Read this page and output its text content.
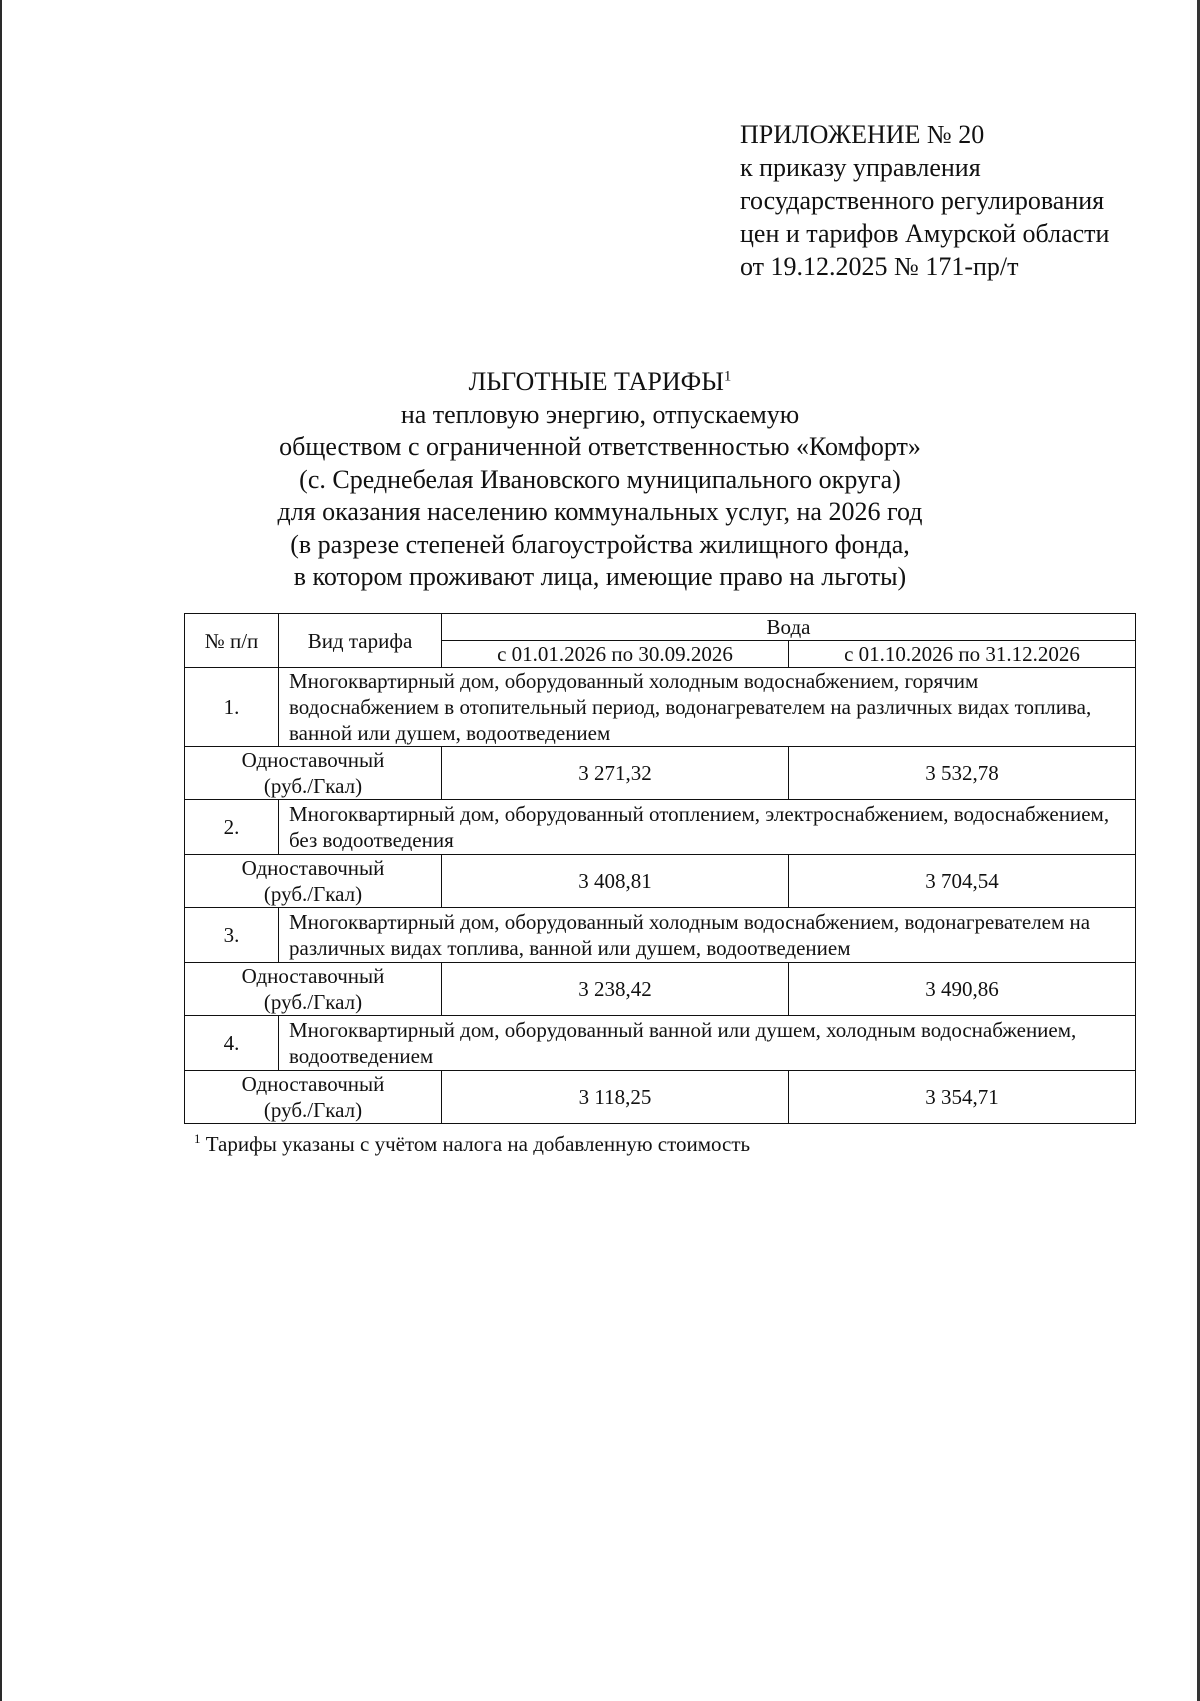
ПРИЛОЖЕНИЕ № 20
к приказу управления
государственного регулирования
цен и тарифов Амурской области
от 19.12.2025 № 171-пр/т
ЛЬГОТНЫЕ ТАРИФЫ$^1$
на тепловую энергию, отпускаемую
обществом с ограниченной ответственностью «Комфорт»
(с. Среднебелая Ивановского муниципального округа)
для оказания населению коммунальных услуг, на 2026 год
(в разрезе степеней благоустройства жилищного фонда,
в котором проживают лица, имеющие право на льготы)
№ п/п	Вид тарифа	Вода	
		с 01.01.2026 по 30.09.2026	с 01.10.2026 по 31.12.2026
1.	Многоквартирный дом, оборудованный холодным водоснабжением, горячим водоснабжением в отопительный период, водонагревателем на различных видах топлива, ванной или душем, водоотведением		

Одноставочный
(руб./Гкал)		3 271,32	3 532,78
2.	Многоквартирный дом, оборудованный отоплением, электроснабжением, водоснабжением, без водоотведения		

Одноставочный
(руб./Гкал)		3 408,81	3 704,54
3.	Многоквартирный дом, оборудованный холодным водоснабжением, водонагревателем на различных видах топлива, ванной или душем, водоотведением		

Одноставочный
(руб./Гкал)		3 238,42	3 490,86
4.	Многоквартирный дом, оборудованный ванной или душем, холодным водоснабжением, водоотведением		

Одноставочный
(руб./Гкал)		3 118,25	3 354,71
$^1$ Тарифы указаны с учётом налога на добавленную стоимость
